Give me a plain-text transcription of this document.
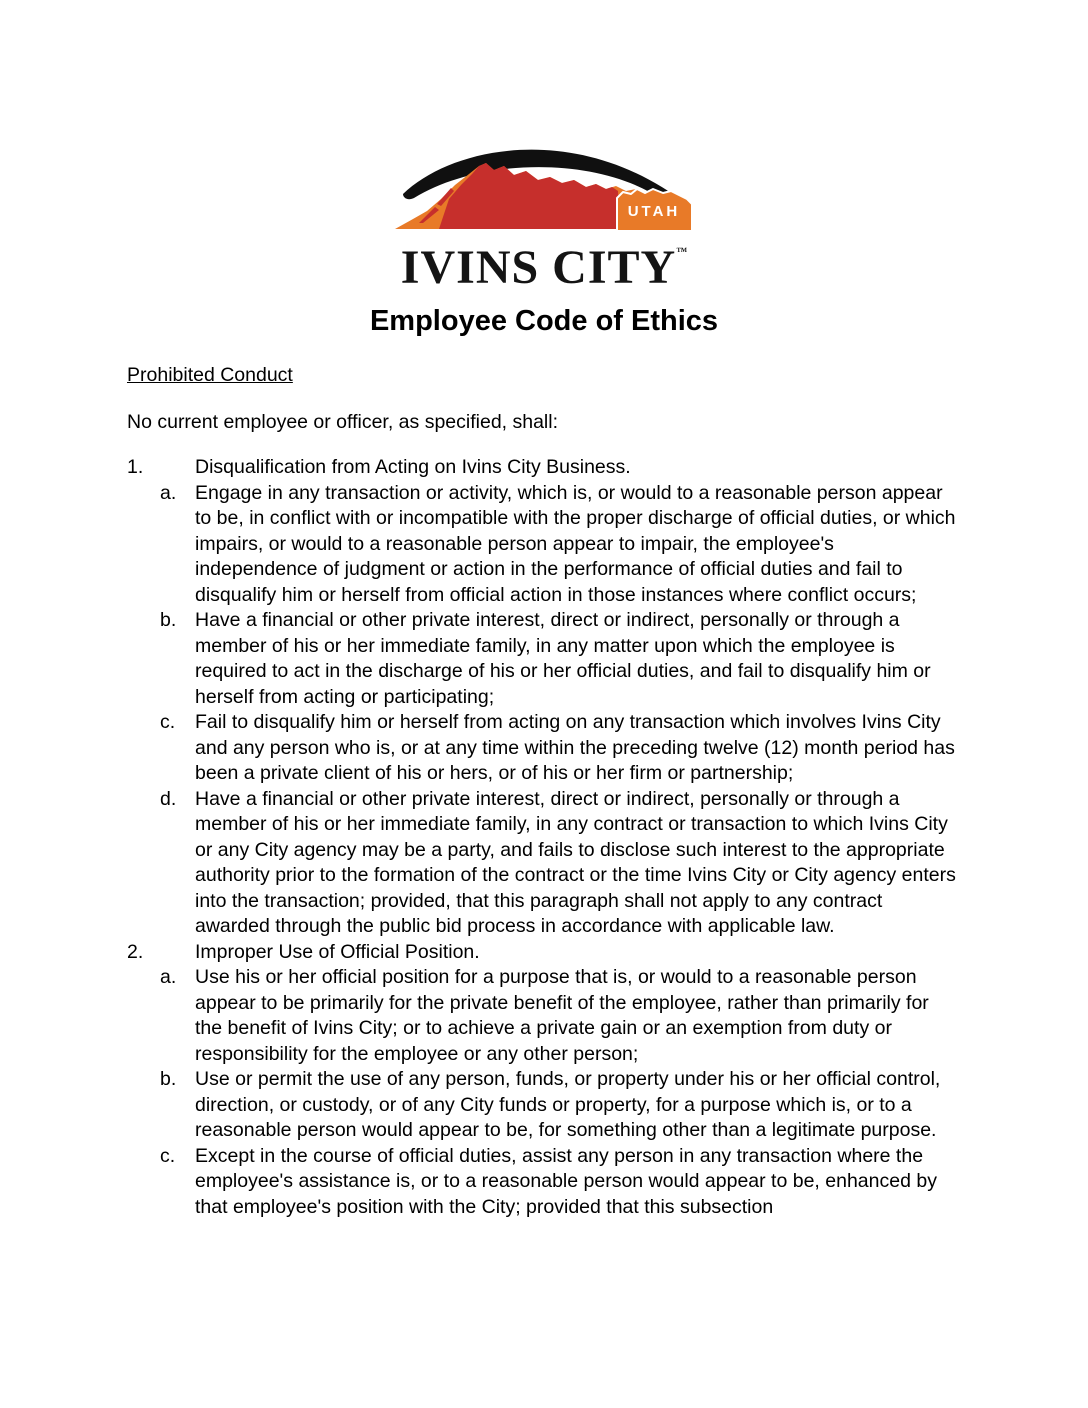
UTAH
IVINS CITY™
Employee Code of Ethics
Prohibited Conduct
No current employee or officer, as specified, shall:
1.	Disqualification from Acting on Ivins City Business.
a. Engage in any transaction or activity, which is, or would to a reasonable person appear to be, in conflict with or incompatible with the proper discharge of official duties, or which impairs, or would to a reasonable person appear to impair, the employee's independence of judgment or action in the performance of official duties and fail to disqualify him or herself from official action in those instances where conflict occurs;
b. Have a financial or other private interest, direct or indirect, personally or through a member of his or her immediate family, in any matter upon which the employee is required to act in the discharge of his or her official duties, and fail to disqualify him or herself from acting or participating;
c.	Fail to disqualify him or herself from acting on any transaction which involves Ivins City and any person who is, or at any time within the preceding twelve (12) month period has been a private client of his or hers, or of his or her firm or partnership;
d. Have a financial or other private interest, direct or indirect, personally or through a member of his or her immediate family, in any contract or transaction to which Ivins City or any City agency may be a party, and fails to disclose such interest to the appropriate authority prior to the formation of the contract or the time Ivins City or City agency enters into the transaction; provided, that this paragraph shall not apply to any contract awarded through the public bid process in accordance with applicable law.
2.	Improper Use of Official Position.
a. Use his or her official position for a purpose that is, or would to a reasonable person appear to be primarily for the private benefit of the employee, rather than primarily for the benefit of Ivins City; or to achieve a private gain or an exemption from duty or responsibility for the employee or any other person;
b. Use or permit the use of any person, funds, or property under his or her official control, direction, or custody, or of any City funds or property, for a purpose which is, or to a reasonable person would appear to be, for something other than a legitimate purpose.
c.	Except in the course of official duties, assist any person in any transaction where the employee's assistance is, or to a reasonable person would appear to be, enhanced by that employee's position with the City; provided that this subsection
